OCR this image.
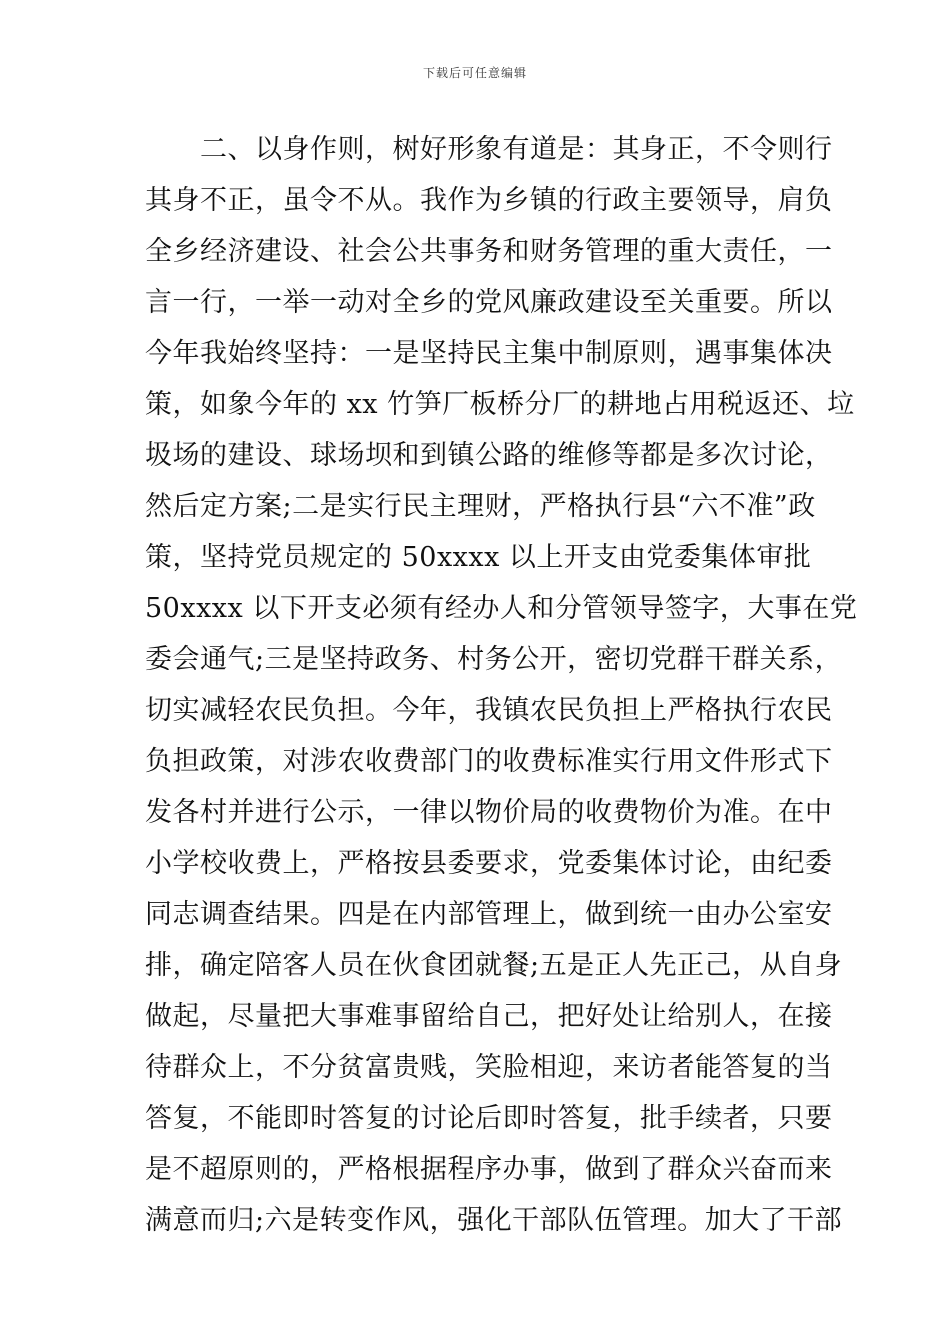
下载后可任意编辑
　　二、以身作则，树好形象有道是：其身正，不令则行
其身不正，虽令不从。我作为乡镇的行政主要领导，肩负
全乡经济建设、社会公共事务和财务管理的重大责任，一
言一行，一举一动对全乡的党风廉政建设至关重要。所以
今年我始终坚持：一是坚持民主集中制原则，遇事集体决
策，如象今年的 xx 竹笋厂板桥分厂的耕地占用税返还、垃
圾场的建设、球场坝和到镇公路的维修等都是多次讨论，
然后定方案;二是实行民主理财，严格执行县“六不准”政
策，坚持党员规定的 50xxxx 以上开支由党委集体审批
50xxxx 以下开支必须有经办人和分管领导签字，大事在党
委会通气;三是坚持政务、村务公开，密切党群干群关系，
切实减轻农民负担。今年，我镇农民负担上严格执行农民
负担政策，对涉农收费部门的收费标准实行用文件形式下
发各村并进行公示，一律以物价局的收费物价为准。在中
小学校收费上，严格按县委要求，党委集体讨论，由纪委
同志调查结果。四是在内部管理上，做到统一由办公室安
排，确定陪客人员在伙食团就餐;五是正人先正己，从自身
做起，尽量把大事难事留给自己，把好处让给别人，在接
待群众上，不分贫富贵贱，笑脸相迎，来访者能答复的当
答复，不能即时答复的讨论后即时答复，批手续者，只要
是不超原则的，严格根据程序办事，做到了群众兴奋而来
满意而归;六是转变作风，强化干部队伍管理。加大了干部
